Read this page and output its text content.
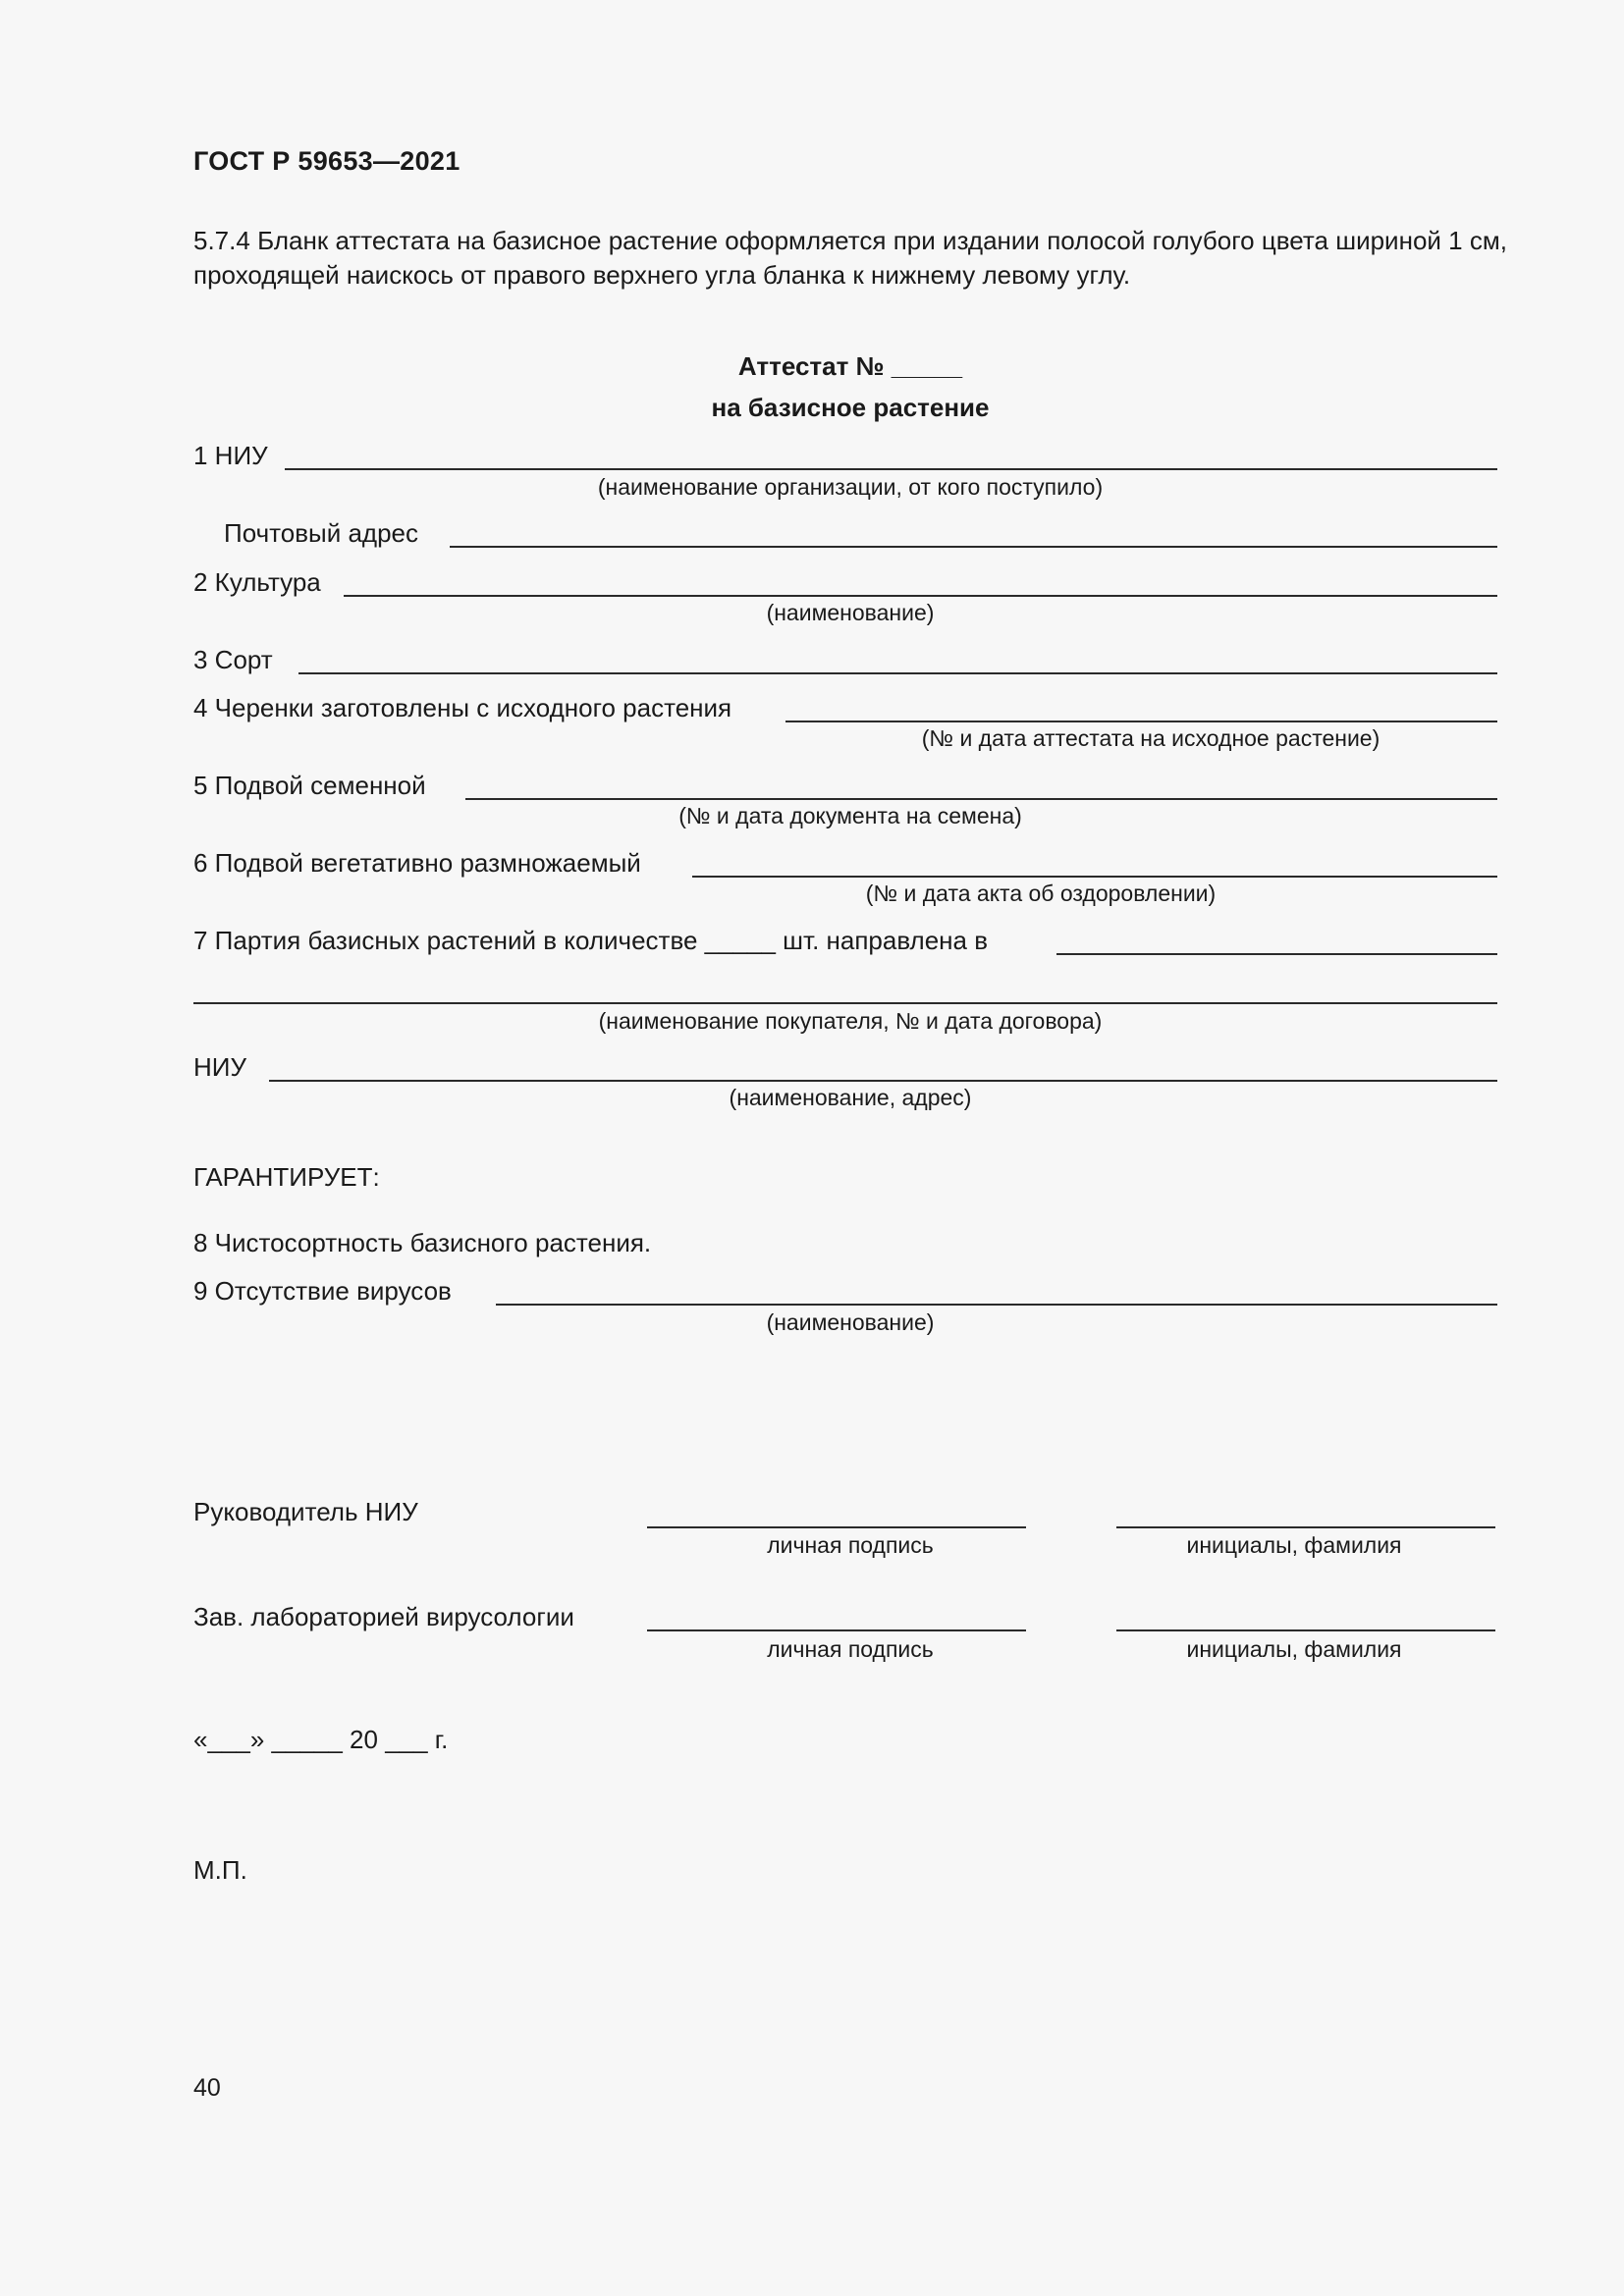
ГОСТ Р 59653—2021
5.7.4 Бланк аттестата на базисное растение оформляется при издании полосой голубого цвета шириной 1 см, проходящей наискось от правого верхнего угла бланка к нижнему левому углу.
Аттестат № _____
на базисное растение
1 НИУ
(наименование организации, от кого поступило)
Почтовый адрес
2 Культура
(наименование)
3 Сорт
4 Черенки заготовлены с исходного растения
(№ и дата аттестата на исходное растение)
5 Подвой семенной
(№ и дата документа на семена)
6 Подвой вегетативно размножаемый
(№ и дата акта об оздоровлении)
7 Партия базисных растений в количестве _____ шт. направлена в
(наименование покупателя, № и дата договора)
НИУ
(наименование, адрес)
ГАРАНТИРУЕТ:
8 Чистосортность базисного растения.
9 Отсутствие вирусов
(наименование)
Руководитель НИУ
личная подпись	инициалы, фамилия
Зав. лабораторией вирусологии
личная подпись	инициалы, фамилия
«___» _____ 20 ___ г.
М.П.
40
